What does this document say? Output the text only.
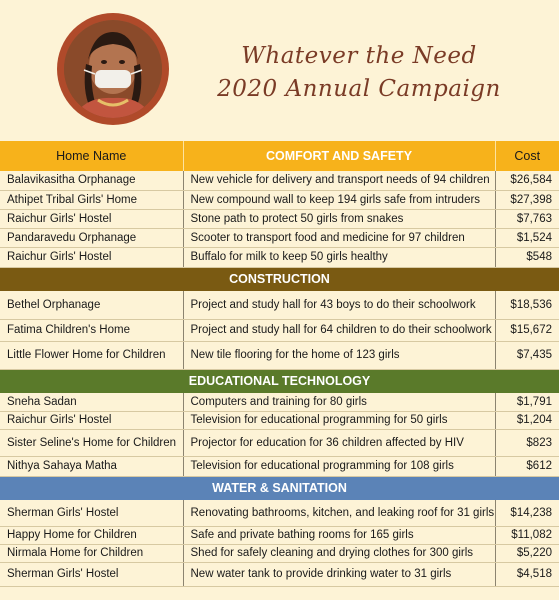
Whatever the Need
2020 Annual Campaign
Home Name	COMFORT AND SAFETY	Cost
Balavikasitha Orphanage	New vehicle for delivery and transport needs of 94 children	$26,584
Athipet Tribal Girls' Home	New compound wall to keep 194 girls safe from intruders	$27,398
Raichur Girls' Hostel	Stone path to protect 50 girls from snakes	$7,763
Pandaravedu Orphanage	Scooter to transport food and medicine for 97 children	$1,524
Raichur Girls' Hostel	Buffalo for milk to keep 50 girls healthy	$548
CONSTRUCTION		
Bethel Orphanage	Project and study hall for 43 boys to do their schoolwork	$18,536
Fatima Children's Home	Project and study hall for 64 children to do their schoolwork	$15,672
Little Flower Home for Children	New tile flooring for the home of 123 girls	$7,435
EDUCATIONAL TECHNOLOGY		
Sneha Sadan	Computers and training for 80 girls	$1,791
Raichur Girls' Hostel	Television for educational programming for 50 girls	$1,204
Sister Seline's Home for Children	Projector for education for 36 children affected by HIV	$823
Nithya Sahaya Matha	Television for educational programming for 108 girls	$612
WATER & SANITATION		
Sherman Girls' Hostel	Renovating bathrooms, kitchen, and leaking roof for 31 girls	$14,238
Happy Home for Children	Safe and private bathing rooms for 165 girls	$11,082
Nirmala Home for Children	Shed for safely cleaning and drying clothes for 300 girls	$5,220
Sherman Girls' Hostel	New water tank to provide drinking water to 31 girls	$4,518
